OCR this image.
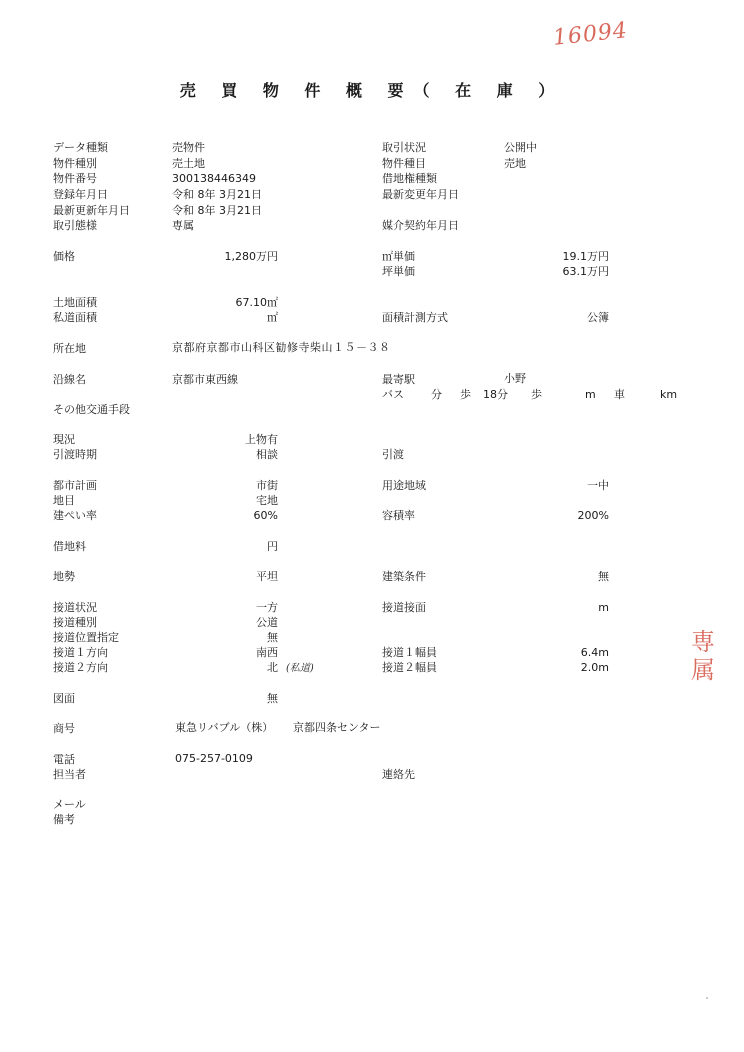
16094
売 買 物 件 概 要（ 在 庫 ）
データ種類	売物件
物件種別	売土地
物件番号	300138446349
登録年月日	令和 8年 3月21日
最新更新年月日	令和 8年 3月21日
取引態様	専属
価格	1,280万円
土地面積	67.10㎡
私道面積	㎡
所在地	京都府京都市山科区勧修寺柴山１５－３８
沿線名	京都市東西線
その他交通手段
現況	上物有
引渡時期	相談
都市計画	市街
地目	宅地
建ぺい率	60%
借地料	円
地勢	平坦
接道状況	一方
接道種別	公道
接道位置指定	無
接道１方向	南西
接道２方向	北 (私道)
図面	無
商号	東急リバブル（株） 京都四条センター
電話	075-257-0109
担当者
メール
備考
取引状況	公開中
物件種目	売地
借地権種類
最新変更年月日
媒介契約年月日
㎡単価	19.1万円
坪単価	63.1万円
面積計測方式	公簿
最寄駅	小野
バス 分 歩 18分 歩	m 車	km
引渡
用途地域	一中
容積率	200%
建築条件	無
接道接面	m
接道１幅員	6.4m
接道２幅員	2.0m
連絡先
専
属
